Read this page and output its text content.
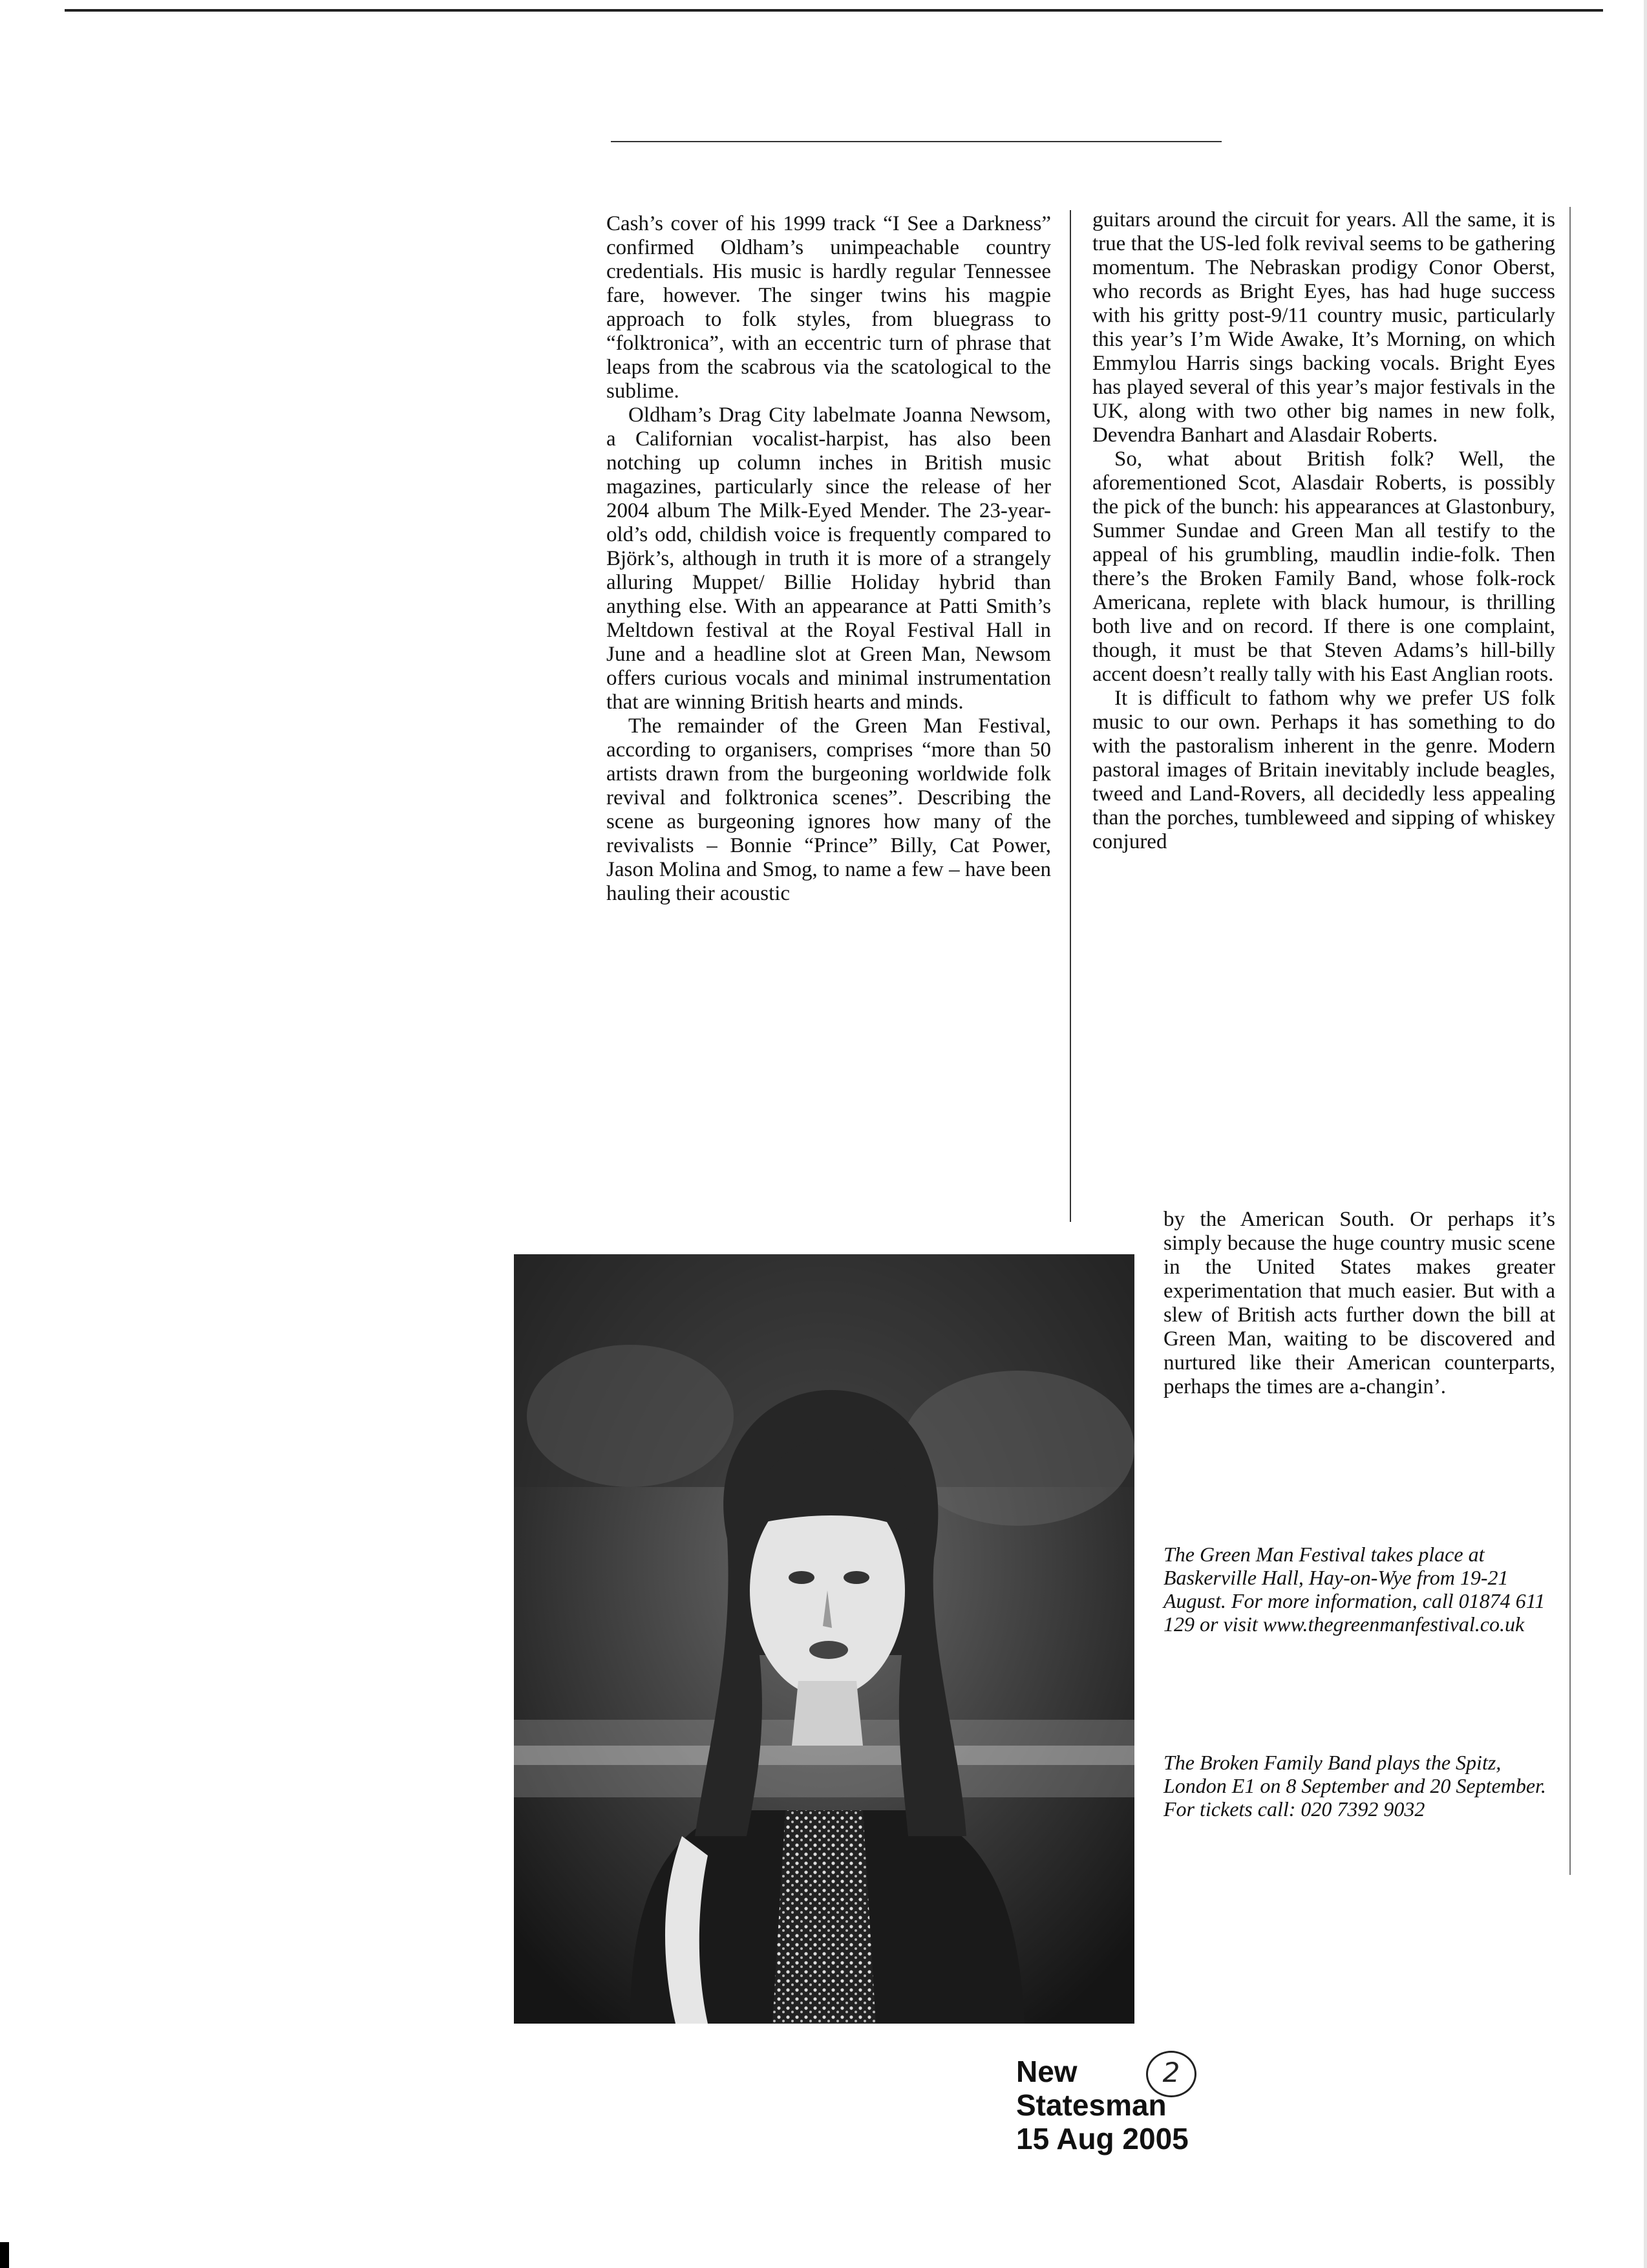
Cash’s cover of his 1999 track “I See a Darkness” confirmed Oldham’s unimpeachable country credentials. His music is hardly regular Tennessee fare, however. The singer twins his magpie approach to folk styles, from bluegrass to “folktronica”, with an eccentric turn of phrase that leaps from the scabrous via the scatological to the sublime.

Oldham’s Drag City labelmate Joanna Newsom, a Californian vocalist-harpist, has also been notching up column inches in British music magazines, particularly since the release of her 2004 album The Milk-Eyed Mender. The 23-year-old’s odd, childish voice is frequently compared to Björk’s, although in truth it is more of a strangely alluring Muppet/ Billie Holiday hybrid than anything else. With an appearance at Patti Smith’s Meltdown festival at the Royal Festival Hall in June and a headline slot at Green Man, Newsom offers curious vocals and minimal instrumentation that are winning British hearts and minds.

The remainder of the Green Man Festival, according to organisers, comprises “more than 50 artists drawn from the burgeoning worldwide folk revival and folktronica scenes”. Describing the scene as burgeoning ignores how many of the revivalists – Bonnie “Prince” Billy, Cat Power, Jason Molina and Smog, to name a few – have been hauling their acoustic

guitars around the circuit for years. All the same, it is true that the US-led folk revival seems to be gathering momentum. The Nebraskan prodigy Conor Oberst, who records as Bright Eyes, has had huge success with his gritty post-9/11 country music, particularly this year’s I’m Wide Awake, It’s Morning, on which Emmylou Harris sings backing vocals. Bright Eyes has played several of this year’s major festivals in the UK, along with two other big names in new folk, Devendra Banhart and Alasdair Roberts.

So, what about British folk? Well, the aforementioned Scot, Alasdair Roberts, is possibly the pick of the bunch: his appearances at Glastonbury, Summer Sundae and Green Man all testify to the appeal of his grumbling, maudlin indie-folk. Then there’s the Broken Family Band, whose folk-rock Americana, replete with black humour, is thrilling both live and on record. If there is one complaint, though, it must be that Steven Adams’s hill-billy accent doesn’t really tally with his East Anglian roots.

It is difficult to fathom why we prefer US folk music to our own. Perhaps it has something to do with the pastoralism inherent in the genre. Modern pastoral images of Britain inevitably include beagles, tweed and Land-Rovers, all decidedly less appealing than the porches, tumbleweed and sipping of whiskey conjured

by the American South. Or perhaps it’s simply because the huge country music scene in the United States makes greater experimentation that much easier. But with a slew of British acts further down the bill at Green Man, waiting to be discovered and nurtured like their American counterparts, perhaps the times are a-changin’.

The Green Man Festival takes place at Baskerville Hall, Hay-on-Wye from 19-21 August. For more information, call 01874 611 129 or visit www.thegreenmanfestival.co.uk

The Broken Family Band plays the Spitz, London E1 on 8 September and 20 September. For tickets call: 020 7392 9032

New
Statesman
15 Aug 2005
2
